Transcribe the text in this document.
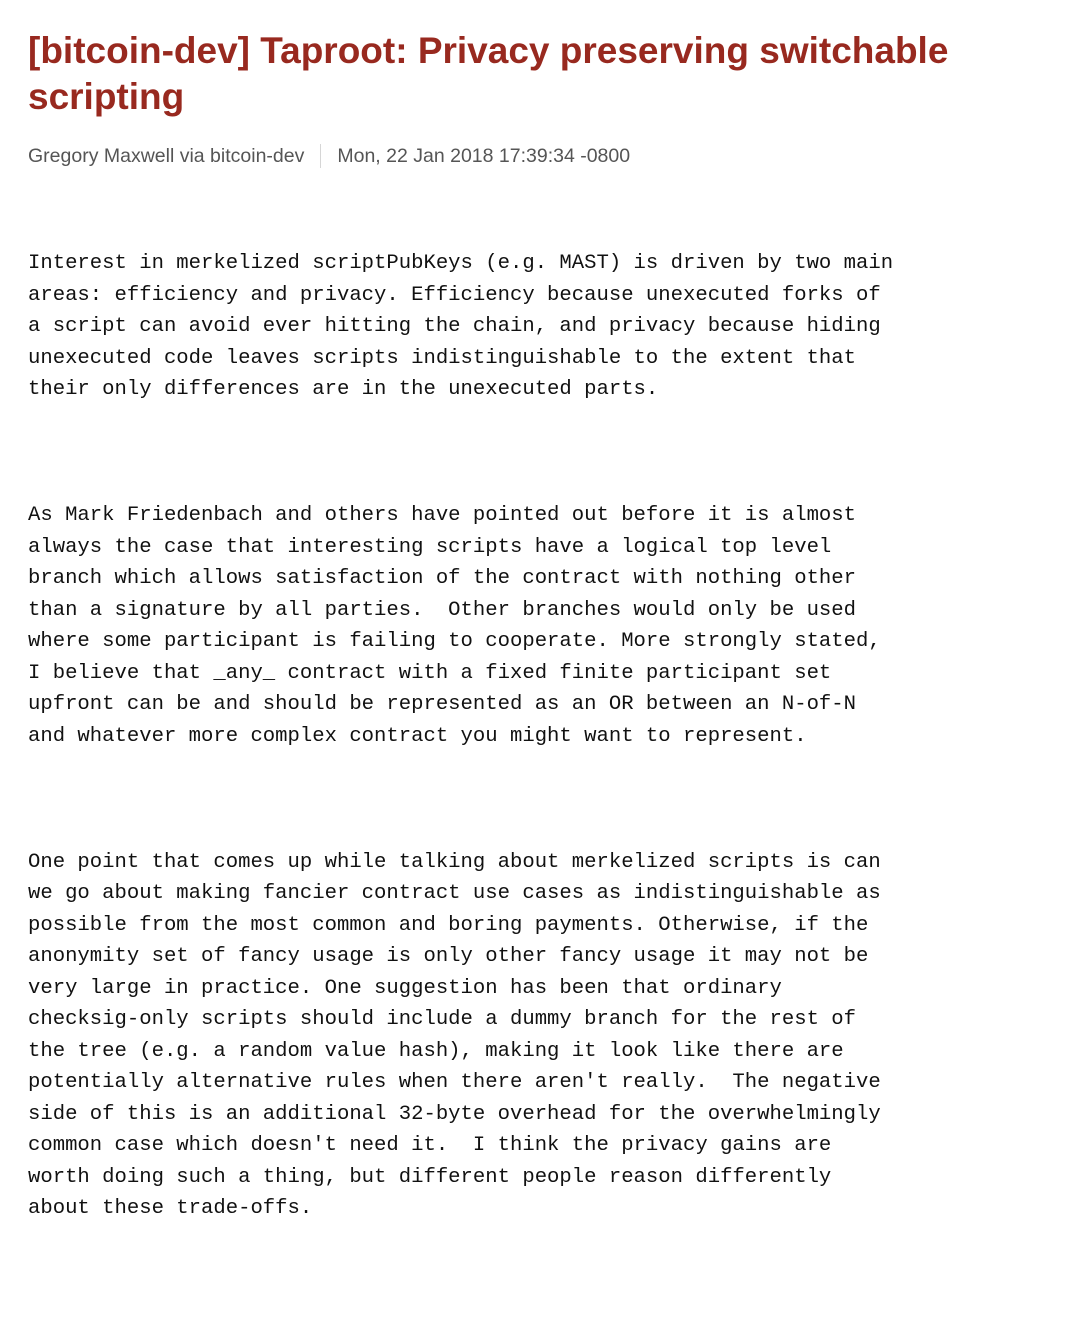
[bitcoin-dev] Taproot: Privacy preserving switchable scripting
Gregory Maxwell via bitcoin-dev Mon, 22 Jan 2018 17:39:34 -0800

Interest in merkelized scriptPubKeys (e.g. MAST) is driven by two main
areas: efficiency and privacy. Efficiency because unexecuted forks of
a script can avoid ever hitting the chain, and privacy because hiding
unexecuted code leaves scripts indistinguishable to the extent that
their only differences are in the unexecuted parts.

As Mark Friedenbach and others have pointed out before it is almost
always the case that interesting scripts have a logical top level
branch which allows satisfaction of the contract with nothing other
than a signature by all parties.  Other branches would only be used
where some participant is failing to cooperate. More strongly stated,
I believe that _any_ contract with a fixed finite participant set
upfront can be and should be represented as an OR between an N-of-N
and whatever more complex contract you might want to represent.

One point that comes up while talking about merkelized scripts is can
we go about making fancier contract use cases as indistinguishable as
possible from the most common and boring payments. Otherwise, if the
anonymity set of fancy usage is only other fancy usage it may not be
very large in practice. One suggestion has been that ordinary
checksig-only scripts should include a dummy branch for the rest of
the tree (e.g. a random value hash), making it look like there are
potentially alternative rules when there aren't really.  The negative
side of this is an additional 32-byte overhead for the overwhelmingly
common case which doesn't need it.  I think the privacy gains are
worth doing such a thing, but different people reason differently
about these trade-offs.
